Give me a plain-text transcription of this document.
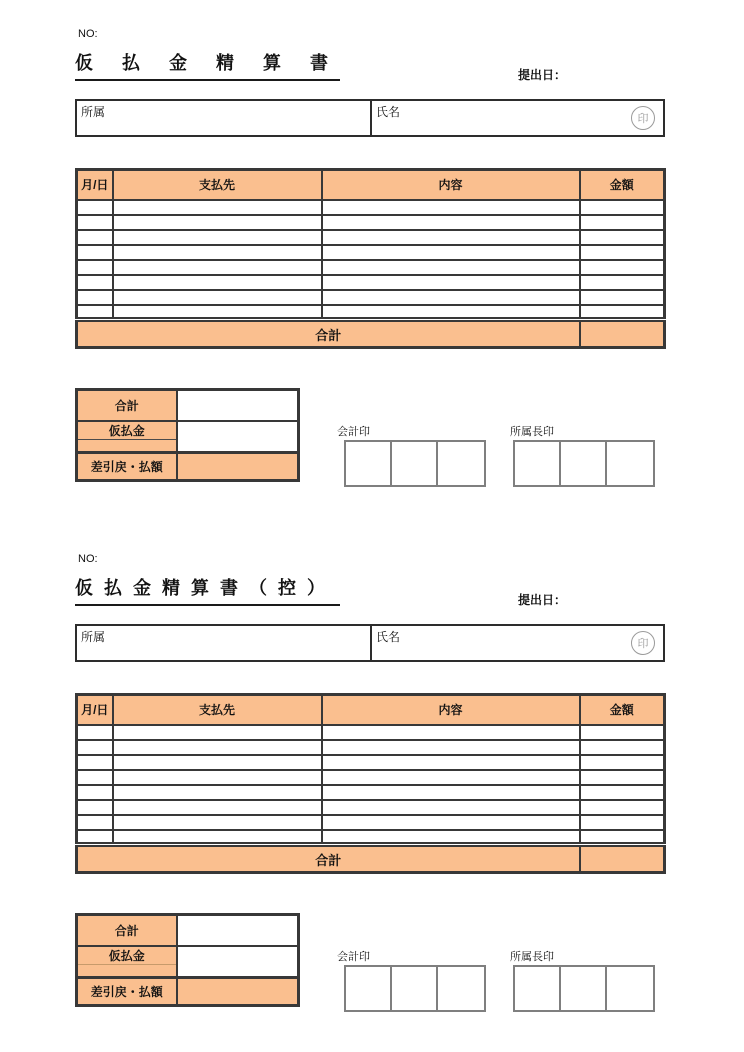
NO:
仮 払 金 精 算 書
提出日：
所属	氏名	印
月/日	支払先	内容	金額

合計			
合計	
仮払金	

差引戻・払額	
会計印	所属長印
NO:
仮 払 金 精 算 書 （ 控 ）
提出日：
所属	氏名	印
月/日	支払先	内容	金額

合計			
合計	
仮払金	

差引戻・払額	
会計印	所属長印
